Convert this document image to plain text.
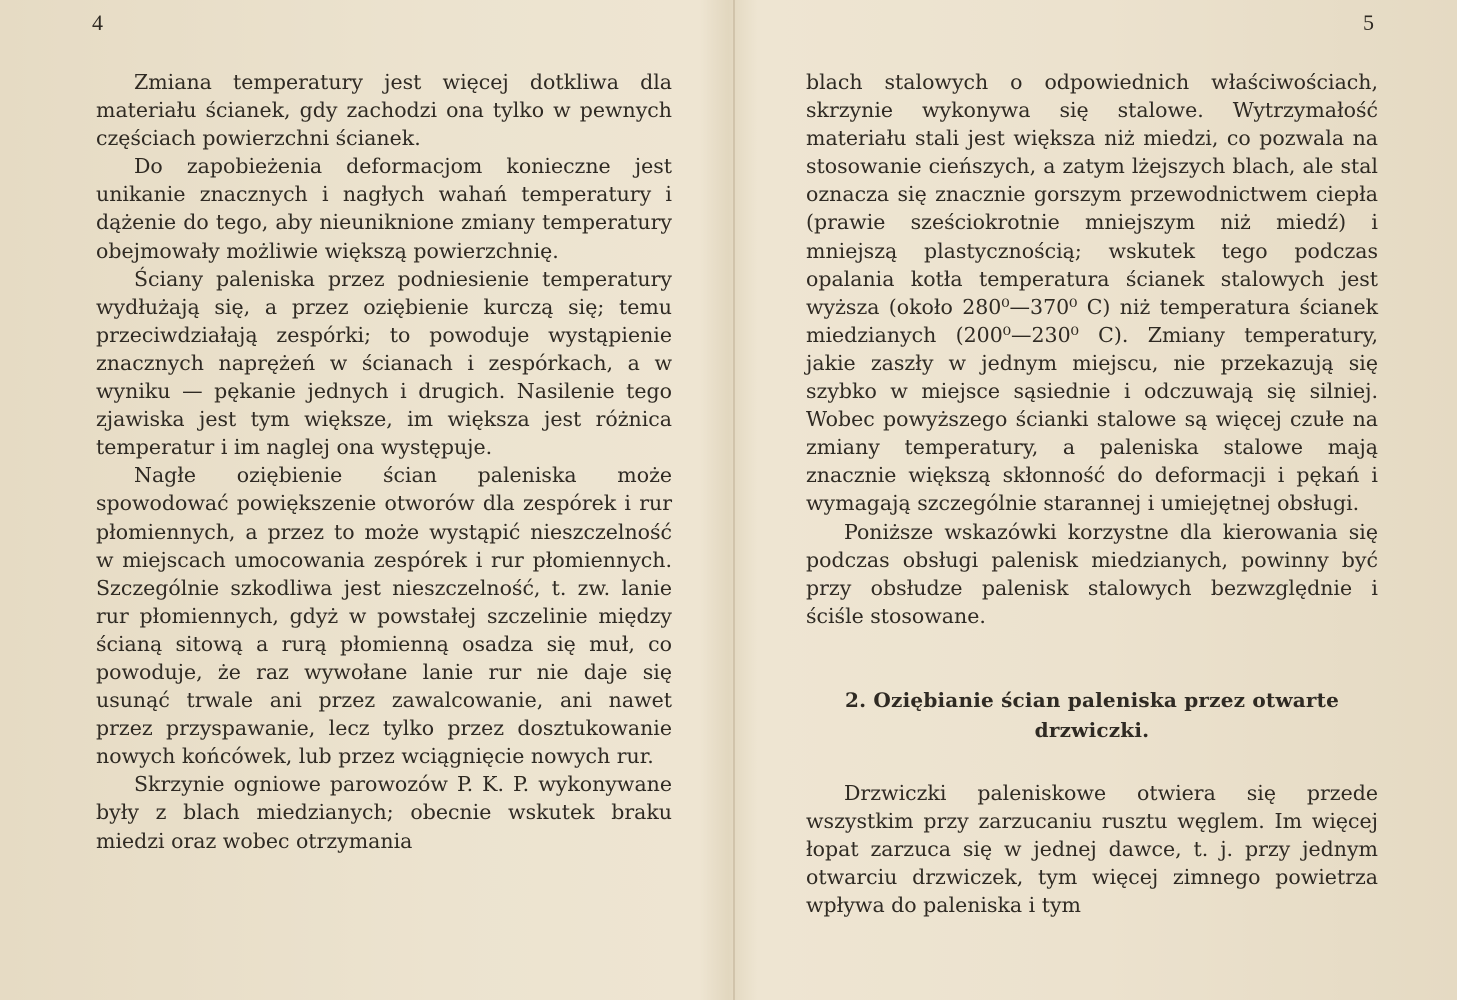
4	5

Zmiana temperatury jest więcej dotkliwa dla materiału ścianek, gdy zachodzi ona tylko w pewnych częściach powierzchni ścianek.

Do zapobieżenia deformacjom konieczne jest unikanie znacznych i nagłych wahań temperatury i dążenie do tego, aby nieuniknione zmiany temperatury obejmowały możliwie większą powierzchnię.

Ściany paleniska przez podniesienie temperatury wydłużają się, a przez oziębienie kurczą się; temu przeciwdziałają zespórki; to powoduje wystąpienie znacznych naprężeń w ścianach i zespórkach, a w wyniku — pękanie jednych i drugich. Nasilenie tego zjawiska jest tym większe, im większa jest różnica temperatur i im naglej ona występuje.

Nagłe oziębienie ścian paleniska może spowodować powiększenie otworów dla zespórek i rur płomiennych, a przez to może wystąpić nieszczelność w miejscach umocowania zespórek i rur płomiennych. Szczególnie szkodliwa jest nieszczelność, t. zw. lanie rur płomiennych, gdyż w powstałej szczelinie między ścianą sitową a rurą płomienną osadza się muł, co powoduje, że raz wywołane lanie rur nie daje się usunąć trwale ani przez zawalcowanie, ani nawet przez przyspawanie, lecz tylko przez dosztukowanie nowych końcówek, lub przez wciągnięcie nowych rur.

Skrzynie ogniowe parowozów P. K. P. wykonywane były z blach miedzianych; obecnie wskutek braku miedzi oraz wobec otrzymania

blach stalowych o odpowiednich właściwościach, skrzynie wykonywa się stalowe. Wytrzymałość materiału stali jest większa niż miedzi, co pozwala na stosowanie cieńszych, a zatym lżejszych blach, ale stal oznacza się znacznie gorszym przewodnictwem ciepła (prawie sześciokrotnie mniejszym niż miedź) i mniejszą plastycznością; wskutek tego podczas opalania kotła temperatura ścianek stalowych jest wyższa (około 280⁰—370⁰ C) niż temperatura ścianek miedzianych (200⁰—230⁰ C). Zmiany temperatury, jakie zaszły w jednym miejscu, nie przekazują się szybko w miejsce sąsiednie i odczuwają się silniej. Wobec powyższego ścianki stalowe są więcej czułe na zmiany temperatury, a paleniska stalowe mają znacznie większą skłonność do deformacji i pękań i wymagają szczególnie starannej i umiejętnej obsługi.

Poniższe wskazówki korzystne dla kierowania się podczas obsługi palenisk miedzianych, powinny być przy obsłudze palenisk stalowych bezwzględnie i ściśle stosowane.

2. Oziębianie ścian paleniska przez otwarte drzwiczki.

Drzwiczki paleniskowe otwiera się przede wszystkim przy zarzucaniu rusztu węglem. Im więcej łopat zarzuca się w jednej dawce, t. j. przy jednym otwarciu drzwiczek, tym więcej zimnego powietrza wpływa do paleniska i tym
